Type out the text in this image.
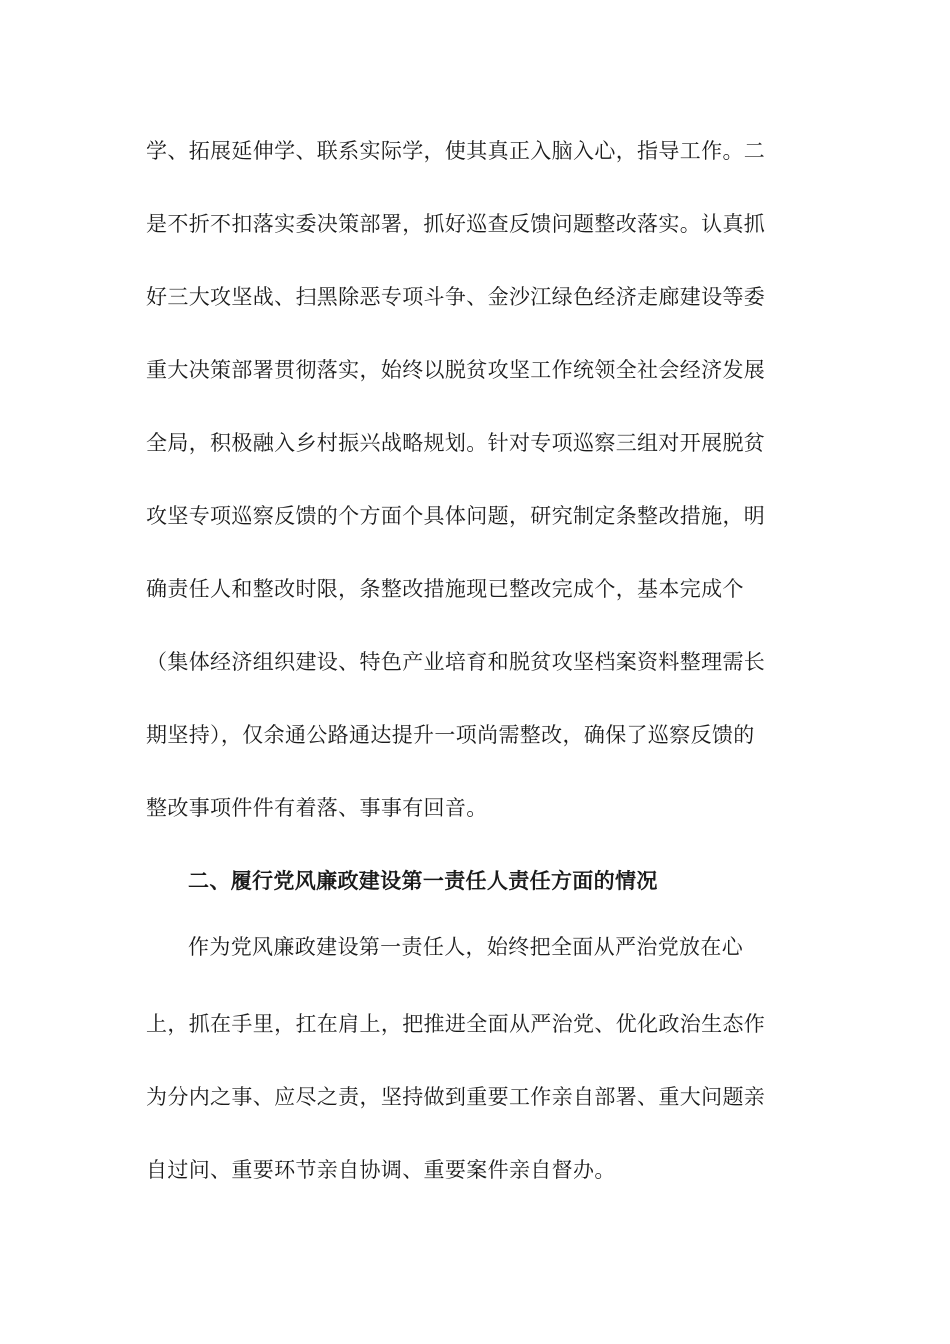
学、拓展延伸学、联系实际学，使其真正入脑入心，指导工作。二
是不折不扣落实委决策部署，抓好巡查反馈问题整改落实。认真抓
好三大攻坚战、扫黑除恶专项斗争、金沙江绿色经济走廊建设等委
重大决策部署贯彻落实，始终以脱贫攻坚工作统领全社会经济发展
全局，积极融入乡村振兴战略规划。针对专项巡察三组对开展脱贫
攻坚专项巡察反馈的个方面个具体问题，研究制定条整改措施，明
确责任人和整改时限，条整改措施现已整改完成个，基本完成个
（集体经济组织建设、特色产业培育和脱贫攻坚档案资料整理需长
期坚持），仅余通公路通达提升一项尚需整改，确保了巡察反馈的
整改事项件件有着落、事事有回音。
二、履行党风廉政建设第一责任人责任方面的情况
作为党风廉政建设第一责任人，始终把全面从严治党放在心
上，抓在手里，扛在肩上，把推进全面从严治党、优化政治生态作
为分内之事、应尽之责，坚持做到重要工作亲自部署、重大问题亲
自过问、重要环节亲自协调、重要案件亲自督办。
